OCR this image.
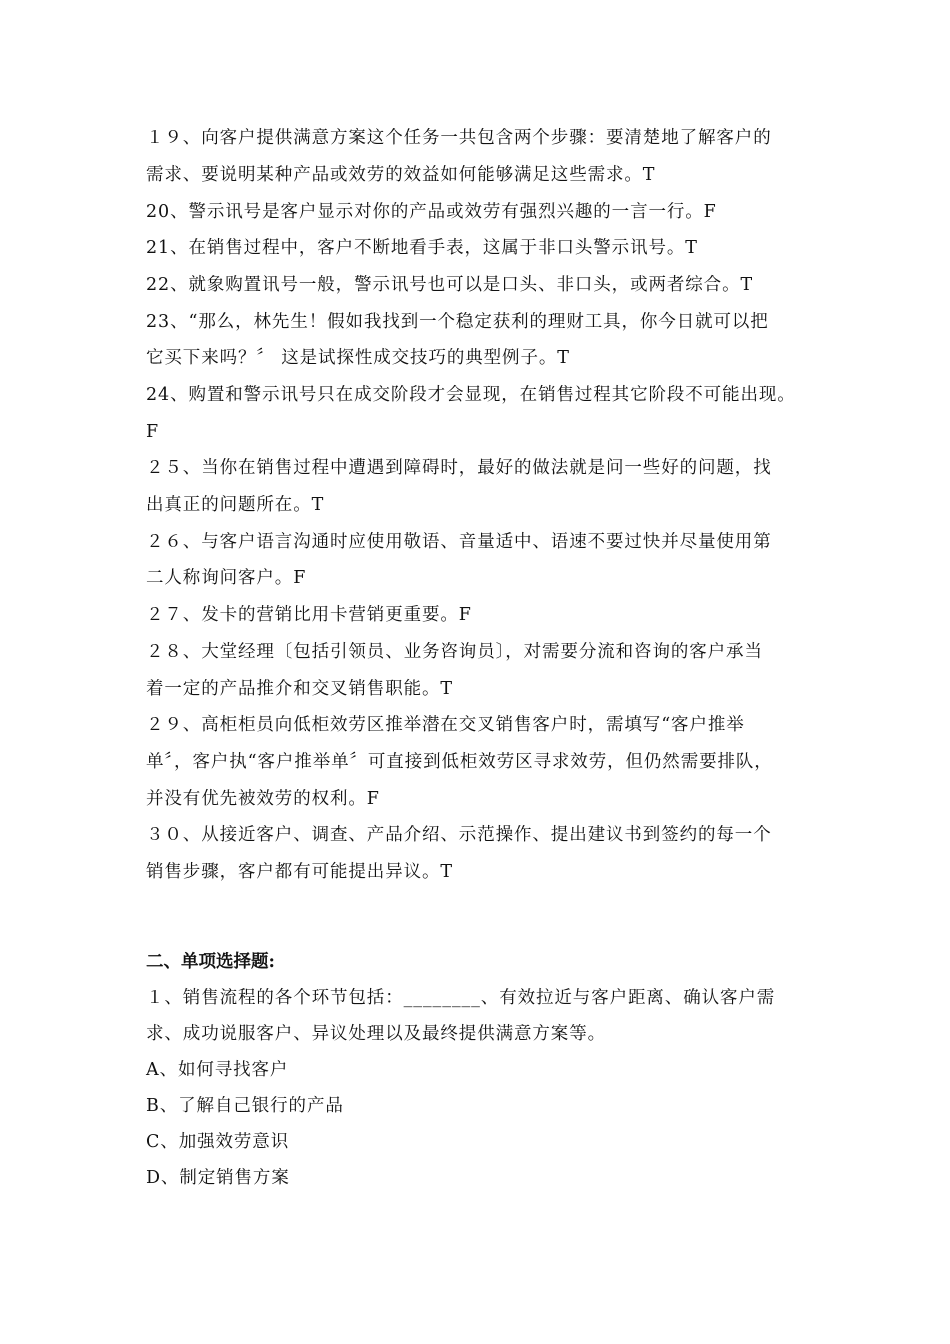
１９、向客户提供满意方案这个任务一共包含两个步骤：要清楚地了解客户的
需求、要说明某种产品或效劳的效益如何能够满足这些需求。T
20、警示讯号是客户显示对你的产品或效劳有强烈兴趣的一言一行。F
21、在销售过程中，客户不断地看手表，这属于非口头警示讯号。T
22、就象购置讯号一般，警示讯号也可以是口头、非口头，或两者综合。T
23、“那么，林先生！假如我找到一个稳定获利的理财工具，你今日就可以把
它买下来吗？〞 这是试探性成交技巧的典型例子。T
24、购置和警示讯号只在成交阶段才会显现，在销售过程其它阶段不可能出现。
F
２５、当你在销售过程中遭遇到障碍时，最好的做法就是问一些好的问题，找
出真正的问题所在。T
２６、与客户语言沟通时应使用敬语、音量适中、语速不要过快并尽量使用第
二人称询问客户。F
２７、发卡的营销比用卡营销更重要。F
２８、大堂经理〔包括引领员、业务咨询员〕，对需要分流和咨询的客户承当
着一定的产品推介和交叉销售职能。T
２９、高柜柜员向低柜效劳区推举潜在交叉销售客户时，需填写“客户推举
单〞，客户执“客户推举单〞可直接到低柜效劳区寻求效劳，但仍然需要排队，
并没有优先被效劳的权利。F
３０、从接近客户、调查、产品介绍、示范操作、提出建议书到签约的每一个
销售步骤，客户都有可能提出异议。T
二、单项选择题:
１、销售流程的各个环节包括：________、有效拉近与客户距离、确认客户需
求、成功说服客户、异议处理以及最终提供满意方案等。
A、如何寻找客户
B、了解自己银行的产品
C、加强效劳意识
D、制定销售方案
